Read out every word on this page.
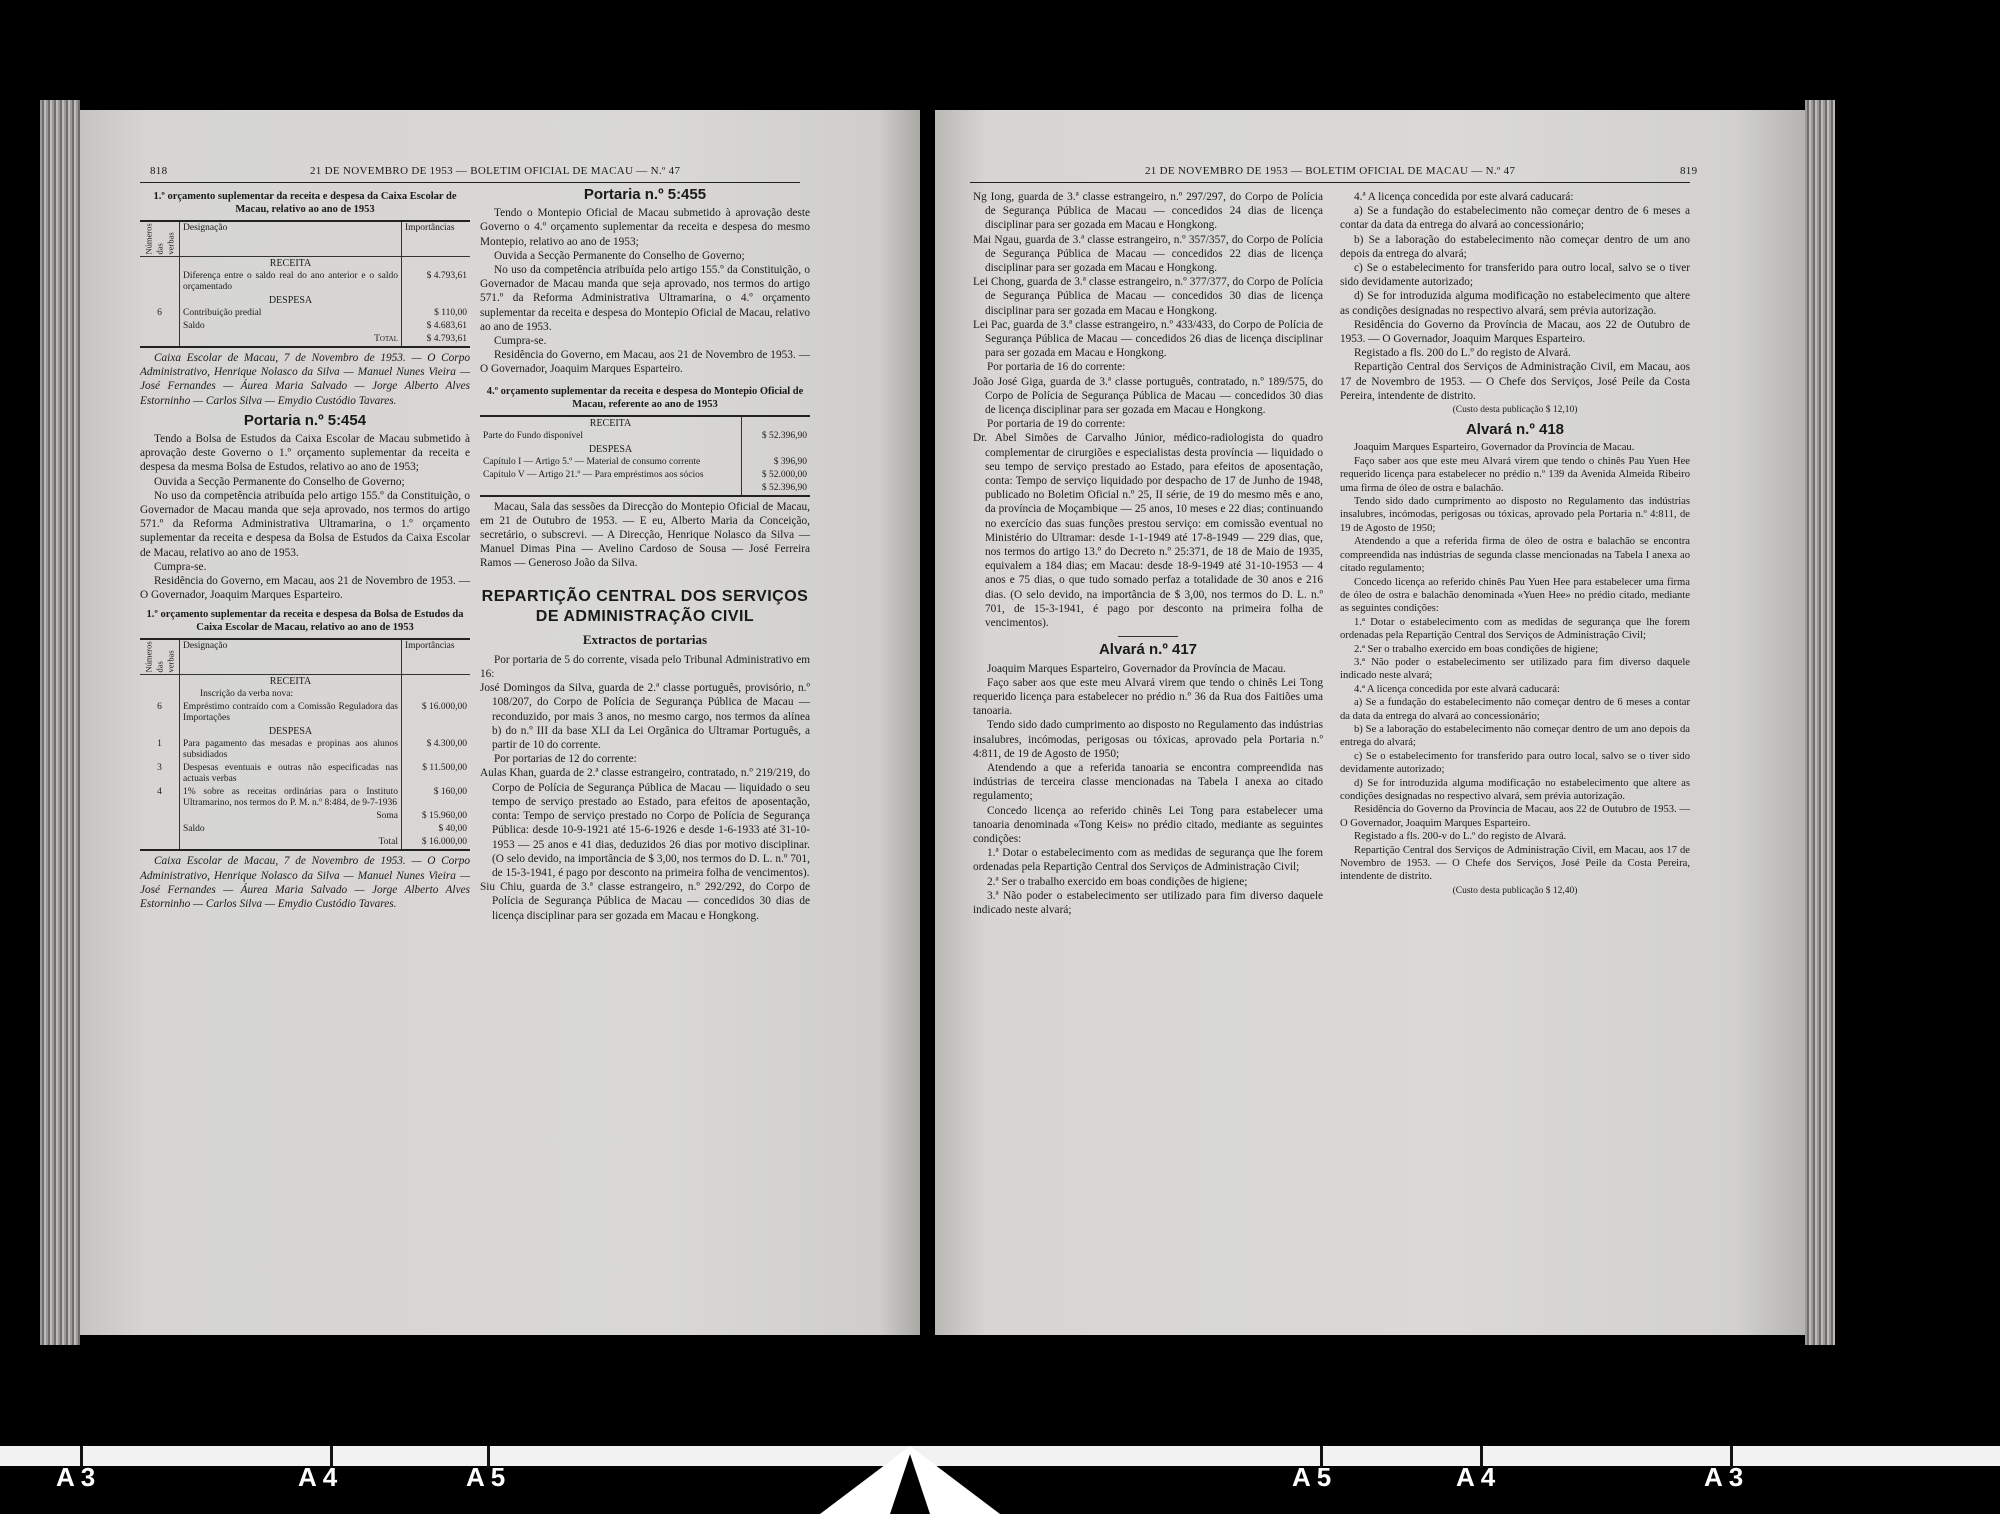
818	21 DE NOVEMBRO DE 1953 — BOLETIM OFICIAL DE MACAU — N.º 47
1.º orçamento suplementar da receita e despesa da Caixa Escolar de Macau, relativo ao ano de 1953
Números das verbas	Designação	Importâncias
	RECEITA	
	Diferença entre o saldo real do ano anterior e o saldo orçamentado	$ 4.793,61
	DESPESA	
6	Contribuição predial	$ 110,00
	Saldo	$ 4.683,61
	Total	$ 4.793,61

Caixa Escolar de Macau, 7 de Novembro de 1953. — O Corpo Administrativo, Henrique Nolasco da Silva — Manuel Nunes Vieira — José Fernandes — Áurea Maria Salvado — Jorge Alberto Alves Estorninho — Carlos Silva — Emydio Custódio Tavares.

Portaria n.º 5:454

Tendo a Bolsa de Estudos da Caixa Escolar de Macau submetido à aprovação deste Governo o 1.º orçamento suplementar da receita e despesa da mesma Bolsa de Estudos, relativo ao ano de 1953;

Ouvida a Secção Permanente do Conselho de Governo;

No uso da competência atribuída pelo artigo 155.º da Constituição, o Governador de Macau manda que seja aprovado, nos termos do artigo 571.º da Reforma Administrativa Ultramarina, o 1.º orçamento suplementar da receita e despesa da Bolsa de Estudos da Caixa Escolar de Macau, relativo ao ano de 1953.

Cumpra-se.

Residência do Governo, em Macau, aos 21 de Novembro de 1953. — O Governador, Joaquim Marques Esparteiro.

1.º orçamento suplementar da receita e despesa da Bolsa de Estudos da Caixa Escolar de Macau, relativo ao ano de 1953
Números das verbas	Designação	Importâncias
	RECEITA	
	Inscrição da verba nova:	
6	Empréstimo contraído com a Comissão Reguladora das Importações	$ 16.000,00
	DESPESA	
1	Para pagamento das mesadas e propinas aos alunos subsidiados	$ 4.300,00
3	Despesas eventuais e outras não especificadas nas actuais verbas	$ 11.500,00
4	1% sobre as receitas ordinárias para o Instituto Ultramarino, nos termos do P. M. n.º 8:484, de 9-7-1936	$ 160,00
	Soma	$ 15.960,00
	Saldo	$ 40,00
	Total	$ 16.000,00

Caixa Escolar de Macau, 7 de Novembro de 1953. — O Corpo Administrativo, Henrique Nolasco da Silva — Manuel Nunes Vieira — José Fernandes — Áurea Maria Salvado — Jorge Alberto Alves Estorninho — Carlos Silva — Emydio Custódio Tavares.

Portaria n.º 5:455

Tendo o Montepio Oficial de Macau submetido à aprovação deste Governo o 4.º orçamento suplementar da receita e despesa do mesmo Montepio, relativo ao ano de 1953;

Ouvida a Secção Permanente do Conselho de Governo;

No uso da competência atribuída pelo artigo 155.º da Constituição, o Governador de Macau manda que seja aprovado, nos termos do artigo 571.º da Reforma Administrativa Ultramarina, o 4.º orçamento suplementar da receita e despesa do Montepio Oficial de Macau, relativo ao ano de 1953.

Cumpra-se.

Residência do Governo, em Macau, aos 21 de Novembro de 1953. — O Governador, Joaquim Marques Esparteiro.

4.º orçamento suplementar da receita e despesa do Montepio Oficial de Macau, referente ao ano de 1953
RECEITA	
Parte do Fundo disponível	$ 52.396,90
DESPESA	
Capítulo I — Artigo 5.º — Material de consumo corrente	$ 396,90
Capítulo V — Artigo 21.º — Para empréstimos aos sócios	$ 52.000,00
	$ 52.396,90

Macau, Sala das sessões da Direcção do Montepio Oficial de Macau, em 21 de Outubro de 1953. — E eu, Alberto Maria da Conceição, secretário, o subscrevi. — A Direcção, Henrique Nolasco da Silva — Manuel Dimas Pina — Avelino Cardoso de Sousa — José Ferreira Ramos — Generoso João da Silva.

REPARTIÇÃO CENTRAL DOS SERVIÇOS DE ADMINISTRAÇÃO CIVIL
Extractos de portarias

Por portaria de 5 do corrente, visada pelo Tribunal Administrativo em 16:

José Domingos da Silva, guarda de 2.ª classe português, provisório, n.º 108/207, do Corpo de Polícia de Segurança Pública de Macau — reconduzido, por mais 3 anos, no mesmo cargo, nos termos da alínea b) do n.º III da base XLI da Lei Orgânica do Ultramar Português, a partir de 10 do corrente.

Por portarias de 12 do corrente:

Aulas Khan, guarda de 2.ª classe estrangeiro, contratado, n.º 219/219, do Corpo de Polícia de Segurança Pública de Macau — liquidado o seu tempo de serviço prestado ao Estado, para efeitos de aposentação, conta: Tempo de serviço prestado no Corpo de Polícia de Segurança Pública: desde 10-9-1921 até 15-6-1926 e desde 1-6-1933 até 31-10-1953 — 25 anos e 41 dias, deduzidos 26 dias por motivo disciplinar. (O selo devido, na importância de $ 3,00, nos termos do D. L. n.º 701, de 15-3-1941, é pago por desconto na primeira folha de vencimentos).

Siu Chiu, guarda de 3.ª classe estrangeiro, n.º 292/292, do Corpo de Polícia de Segurança Pública de Macau — concedidos 30 dias de licença disciplinar para ser gozada em Macau e Hongkong.

21 DE NOVEMBRO DE 1953 — BOLETIM OFICIAL DE MACAU — N.º 47	819

Ng Iong, guarda de 3.ª classe estrangeiro, n.º 297/297, do Corpo de Polícia de Segurança Pública de Macau — concedidos 24 dias de licença disciplinar para ser gozada em Macau e Hongkong.

Mai Ngau, guarda de 3.ª classe estrangeiro, n.º 357/357, do Corpo de Polícia de Segurança Pública de Macau — concedidos 22 dias de licença disciplinar para ser gozada em Macau e Hongkong.

Lei Chong, guarda de 3.ª classe estrangeiro, n.º 377/377, do Corpo de Polícia de Segurança Pública de Macau — concedidos 30 dias de licença disciplinar para ser gozada em Macau e Hongkong.

Lei Pac, guarda de 3.ª classe estrangeiro, n.º 433/433, do Corpo de Polícia de Segurança Pública de Macau — concedidos 26 dias de licença disciplinar para ser gozada em Macau e Hongkong.

Por portaria de 16 do corrente:

João José Giga, guarda de 3.ª classe português, contratado, n.º 189/575, do Corpo de Polícia de Segurança Pública de Macau — concedidos 30 dias de licença disciplinar para ser gozada em Macau e Hongkong.

Por portaria de 19 do corrente:

Dr. Abel Simões de Carvalho Júnior, médico-radiologista do quadro complementar de cirurgiões e especialistas desta província — liquidado o seu tempo de serviço prestado ao Estado, para efeitos de aposentação, conta: Tempo de serviço liquidado por despacho de 17 de Junho de 1948, publicado no Boletim Oficial n.º 25, II série, de 19 do mesmo mês e ano, da província de Moçambique — 25 anos, 10 meses e 22 dias; continuando no exercício das suas funções prestou serviço: em comissão eventual no Ministério do Ultramar: desde 1-1-1949 até 17-8-1949 — 229 dias, que, nos termos do artigo 13.º do Decreto n.º 25:371, de 18 de Maio de 1935, equivalem a 184 dias; em Macau: desde 18-9-1949 até 31-10-1953 — 4 anos e 75 dias, o que tudo somado perfaz a totalidade de 30 anos e 216 dias. (O selo devido, na importância de $ 3,00, nos termos do D. L. n.º 701, de 15-3-1941, é pago por desconto na primeira folha de vencimentos).

Alvará n.º 417

Joaquim Marques Esparteiro, Governador da Província de Macau.

Faço saber aos que este meu Alvará virem que tendo o chinês Lei Tong requerido licença para estabelecer no prédio n.º 36 da Rua dos Faitiões uma tanoaria.

Tendo sido dado cumprimento ao disposto no Regulamento das indústrias insalubres, incómodas, perigosas ou tóxicas, aprovado pela Portaria n.º 4:811, de 19 de Agosto de 1950;

Atendendo a que a referida tanoaria se encontra compreendida nas indústrias de terceira classe mencionadas na Tabela I anexa ao citado regulamento;

Concedo licença ao referido chinês Lei Tong para estabelecer uma tanoaria denominada «Tong Keis» no prédio citado, mediante as seguintes condições:

1.ª Dotar o estabelecimento com as medidas de segurança que lhe forem ordenadas pela Repartição Central dos Serviços de Administração Civil;

2.ª Ser o trabalho exercido em boas condições de higiene;

3.ª Não poder o estabelecimento ser utilizado para fim diverso daquele indicado neste alvará;

4.ª A licença concedida por este alvará caducará:

a) Se a fundação do estabelecimento não começar dentro de 6 meses a contar da data da entrega do alvará ao concessionário;

b) Se a laboração do estabelecimento não começar dentro de um ano depois da entrega do alvará;

c) Se o estabelecimento for transferido para outro local, salvo se o tiver sido devidamente autorizado;

d) Se for introduzida alguma modificação no estabelecimento que altere as condições designadas no respectivo alvará, sem prévia autorização.

Residência do Governo da Província de Macau, aos 22 de Outubro de 1953. — O Governador, Joaquim Marques Esparteiro.

Registado a fls. 200 do L.º do registo de Alvará.

Repartição Central dos Serviços de Administração Civil, em Macau, aos 17 de Novembro de 1953. — O Chefe dos Serviços, José Peile da Costa Pereira, intendente de distrito.

(Custo desta publicação $ 12,10)
Alvará n.º 418

Joaquim Marques Esparteiro, Governador da Província de Macau.

Faço saber aos que este meu Alvará virem que tendo o chinês Pau Yuen Hee requerido licença para estabelecer no prédio n.º 139 da Avenida Almeida Ribeiro uma firma de óleo de ostra e balachão.

Tendo sido dado cumprimento ao disposto no Regulamento das indústrias insalubres, incómodas, perigosas ou tóxicas, aprovado pela Portaria n.º 4:811, de 19 de Agosto de 1950;

Atendendo a que a referida firma de óleo de ostra e balachão se encontra compreendida nas indústrias de segunda classe mencionadas na Tabela I anexa ao citado regulamento;

Concedo licença ao referido chinês Pau Yuen Hee para estabelecer uma firma de óleo de ostra e balachão denominada «Yuen Hee» no prédio citado, mediante as seguintes condições:

1.ª Dotar o estabelecimento com as medidas de segurança que lhe forem ordenadas pela Repartição Central dos Serviços de Administração Civil;

2.ª Ser o trabalho exercido em boas condições de higiene;

3.ª Não poder o estabelecimento ser utilizado para fim diverso daquele indicado neste alvará;

4.ª A licença concedida por este alvará caducará:

a) Se a fundação do estabelecimento não começar dentro de 6 meses a contar da data da entrega do alvará ao concessionário;

b) Se a laboração do estabelecimento não começar dentro de um ano depois da entrega do alvará;

c) Se o estabelecimento for transferido para outro local, salvo se o tiver sido devidamente autorizado;

d) Se for introduzida alguma modificação no estabelecimento que altere as condições designadas no respectivo alvará, sem prévia autorização.

Residência do Governo da Província de Macau, aos 22 de Outubro de 1953. — O Governador, Joaquim Marques Esparteiro.

Registado a fls. 200-v do L.º do registo de Alvará.

Repartição Central dos Serviços de Administração Civil, em Macau, aos 17 de Novembro de 1953. — O Chefe dos Serviços, José Peile da Costa Pereira, intendente de distrito.

(Custo desta publicação $ 12,40)
A 3	A 4	A 5	A 5	A 4	A 3
